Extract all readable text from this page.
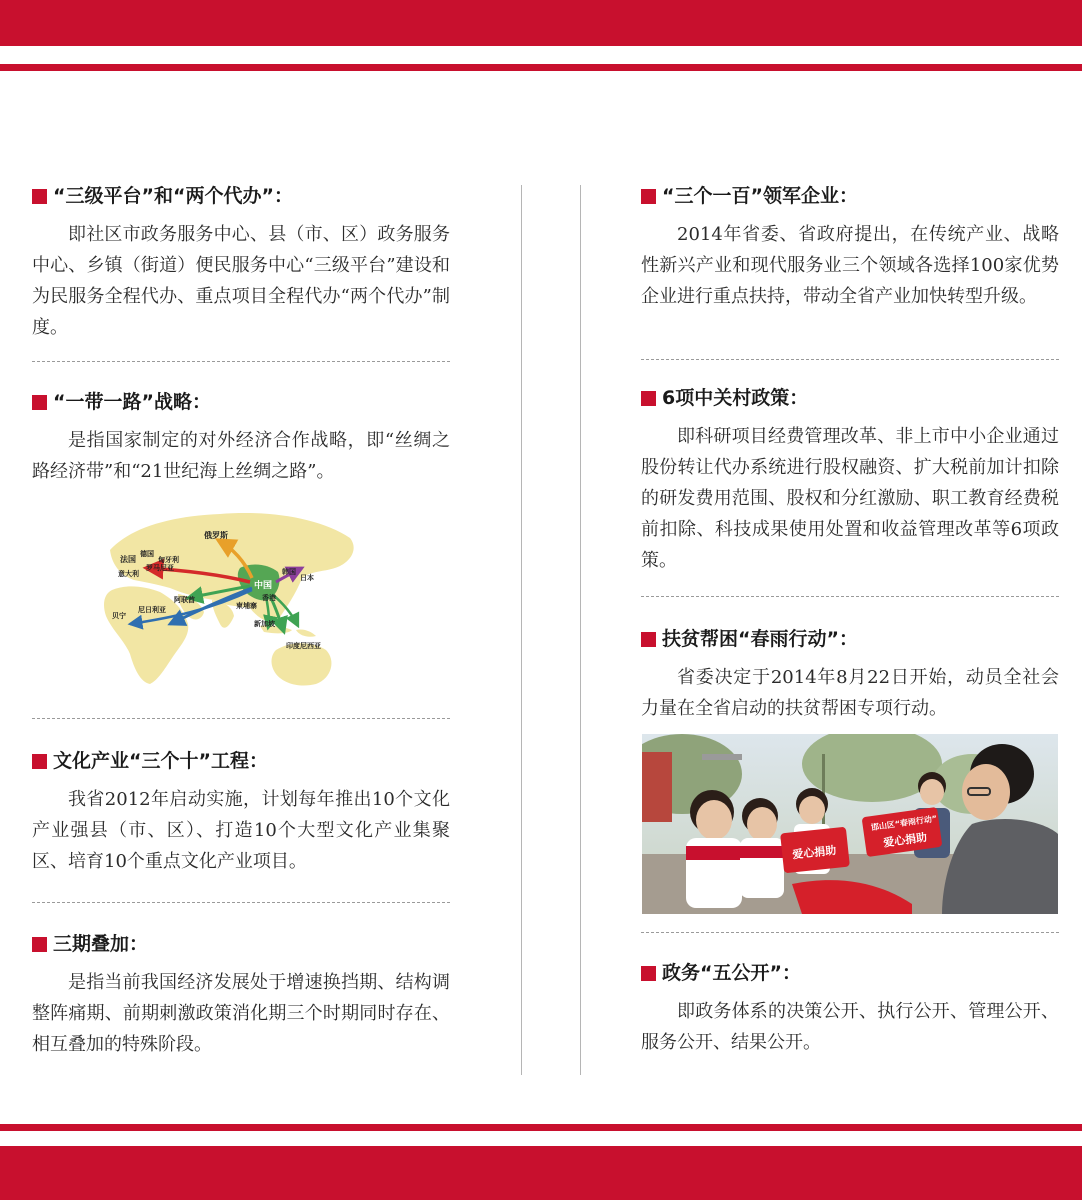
“三级平台”和“两个代办”：
即社区市政务服务中心、县（市、区）政务服务中心、乡镇（街道）便民服务中心“三级平台”建设和为民服务全程代办、重点项目全程代办“两个代办”制度。
“一带一路”战略：
是指国家制定的对外经济合作战略，即“丝绸之路经济带”和“21世纪海上丝绸之路”。
俄罗斯
法国
德国
匈牙利
罗马尼亚
意大利
阿联酋
中国
韩国
日本
香港
柬埔寨
新加坡
印度尼西亚
尼日利亚
贝宁
文化产业“三个十”工程：
我省2012年启动实施，计划每年推出10个文化产业强县（市、区）、打造10个大型文化产业集聚区、培育10个重点文化产业项目。
三期叠加：
是指当前我国经济发展处于增速换挡期、结构调整阵痛期、前期刺激政策消化期三个时期同时存在、相互叠加的特殊阶段。
“三个一百”领军企业：
2014年省委、省政府提出，在传统产业、战略性新兴产业和现代服务业三个领域各选择100家优势企业进行重点扶持，带动全省产业加快转型升级。
6项中关村政策：
即科研项目经费管理改革、非上市中小企业通过股份转让代办系统进行股权融资、扩大税前加计扣除的研发费用范围、股权和分红激励、职工教育经费税前扣除、科技成果使用处置和收益管理改革等6项政策。
扶贫帮困“春雨行动”：
省委决定于2014年8月22日开始，动员全社会力量在全省启动的扶贫帮困专项行动。
邯山区“春雨行动”
爱心捐助
爱心捐助
政务“五公开”：
即政务体系的决策公开、执行公开、管理公开、服务公开、结果公开。
